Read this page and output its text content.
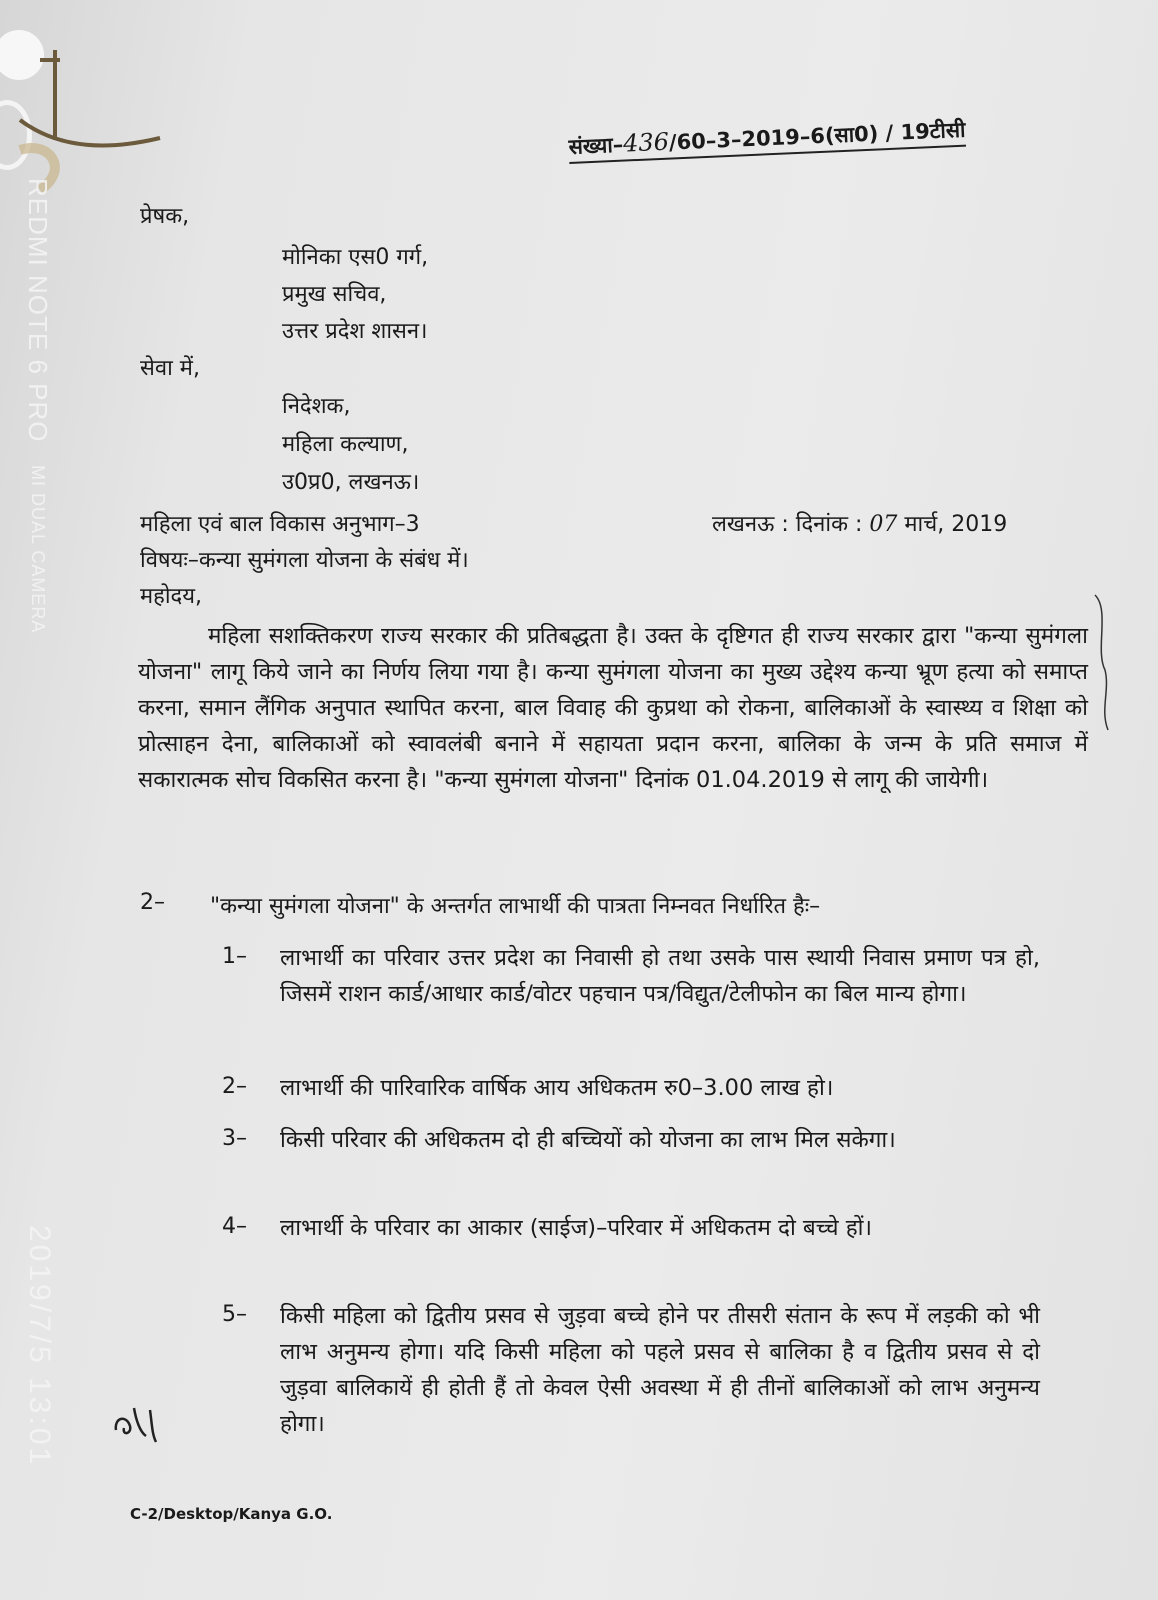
REDMI NOTE 6 PRO MI DUAL CAMERA
2019/7/5 13:01
संख्या–436/60–3–2019–6(सा0) / 19टीसी
प्रेषक,
मोनिका एस0 गर्ग,
प्रमुख सचिव,
उत्तर प्रदेश शासन।
सेवा में,
निदेशक,
महिला कल्याण,
उ0प्र0, लखनऊ।
महिला एवं बाल विकास अनुभाग–3	लखनऊ : दिनांक : 07 मार्च, 2019
विषयः–कन्या सुमंगला योजना के संबंध में।
महोदय,

महिला सशक्तिकरण राज्य सरकार की प्रतिबद्धता है। उक्त के दृष्टिगत ही राज्य सरकार द्वारा "कन्या सुमंगला योजना" लागू किये जाने का निर्णय लिया गया है। कन्या सुमंगला योजना का मुख्य उद्देश्य कन्या भ्रूण हत्या को समाप्त करना, समान लैंगिक अनुपात स्थापित करना, बाल विवाह की कुप्रथा को रोकना, बालिकाओं के स्वास्थ्य व शिक्षा को प्रोत्साहन देना, बालिकाओं को स्वावलंबी बनाने में सहायता प्रदान करना, बालिका के जन्म के प्रति समाज में सकारात्मक सोच विकसित करना है। "कन्या सुमंगला योजना" दिनांक 01.04.2019 से लागू की जायेगी।

2– "कन्या सुमंगला योजना" के अन्तर्गत लाभार्थी की पात्रता निम्नवत निर्धारित हैः–
1– लाभार्थी का परिवार उत्तर प्रदेश का निवासी हो तथा उसके पास स्थायी निवास प्रमाण पत्र हो, जिसमें राशन कार्ड/आधार कार्ड/वोटर पहचान पत्र/विद्युत/टेलीफोन का बिल मान्य होगा।
2– लाभार्थी की पारिवारिक वार्षिक आय अधिकतम रु0–3.00 लाख हो।
3– किसी परिवार की अधिकतम दो ही बच्चियों को योजना का लाभ मिल सकेगा।
4– लाभार्थी के परिवार का आकार (साईज)–परिवार में अधिकतम दो बच्चे हों।
5– किसी महिला को द्वितीय प्रसव से जुड़वा बच्चे होने पर तीसरी संतान के रूप में लड़की को भी लाभ अनुमन्य होगा। यदि किसी महिला को पहले प्रसव से बालिका है व द्वितीय प्रसव से दो जुड़वा बालिकायें ही होती हैं तो केवल ऐसी अवस्था में ही तीनों बालिकाओं को लाभ अनुमन्य होगा।
C-2/Desktop/Kanya G.O.
